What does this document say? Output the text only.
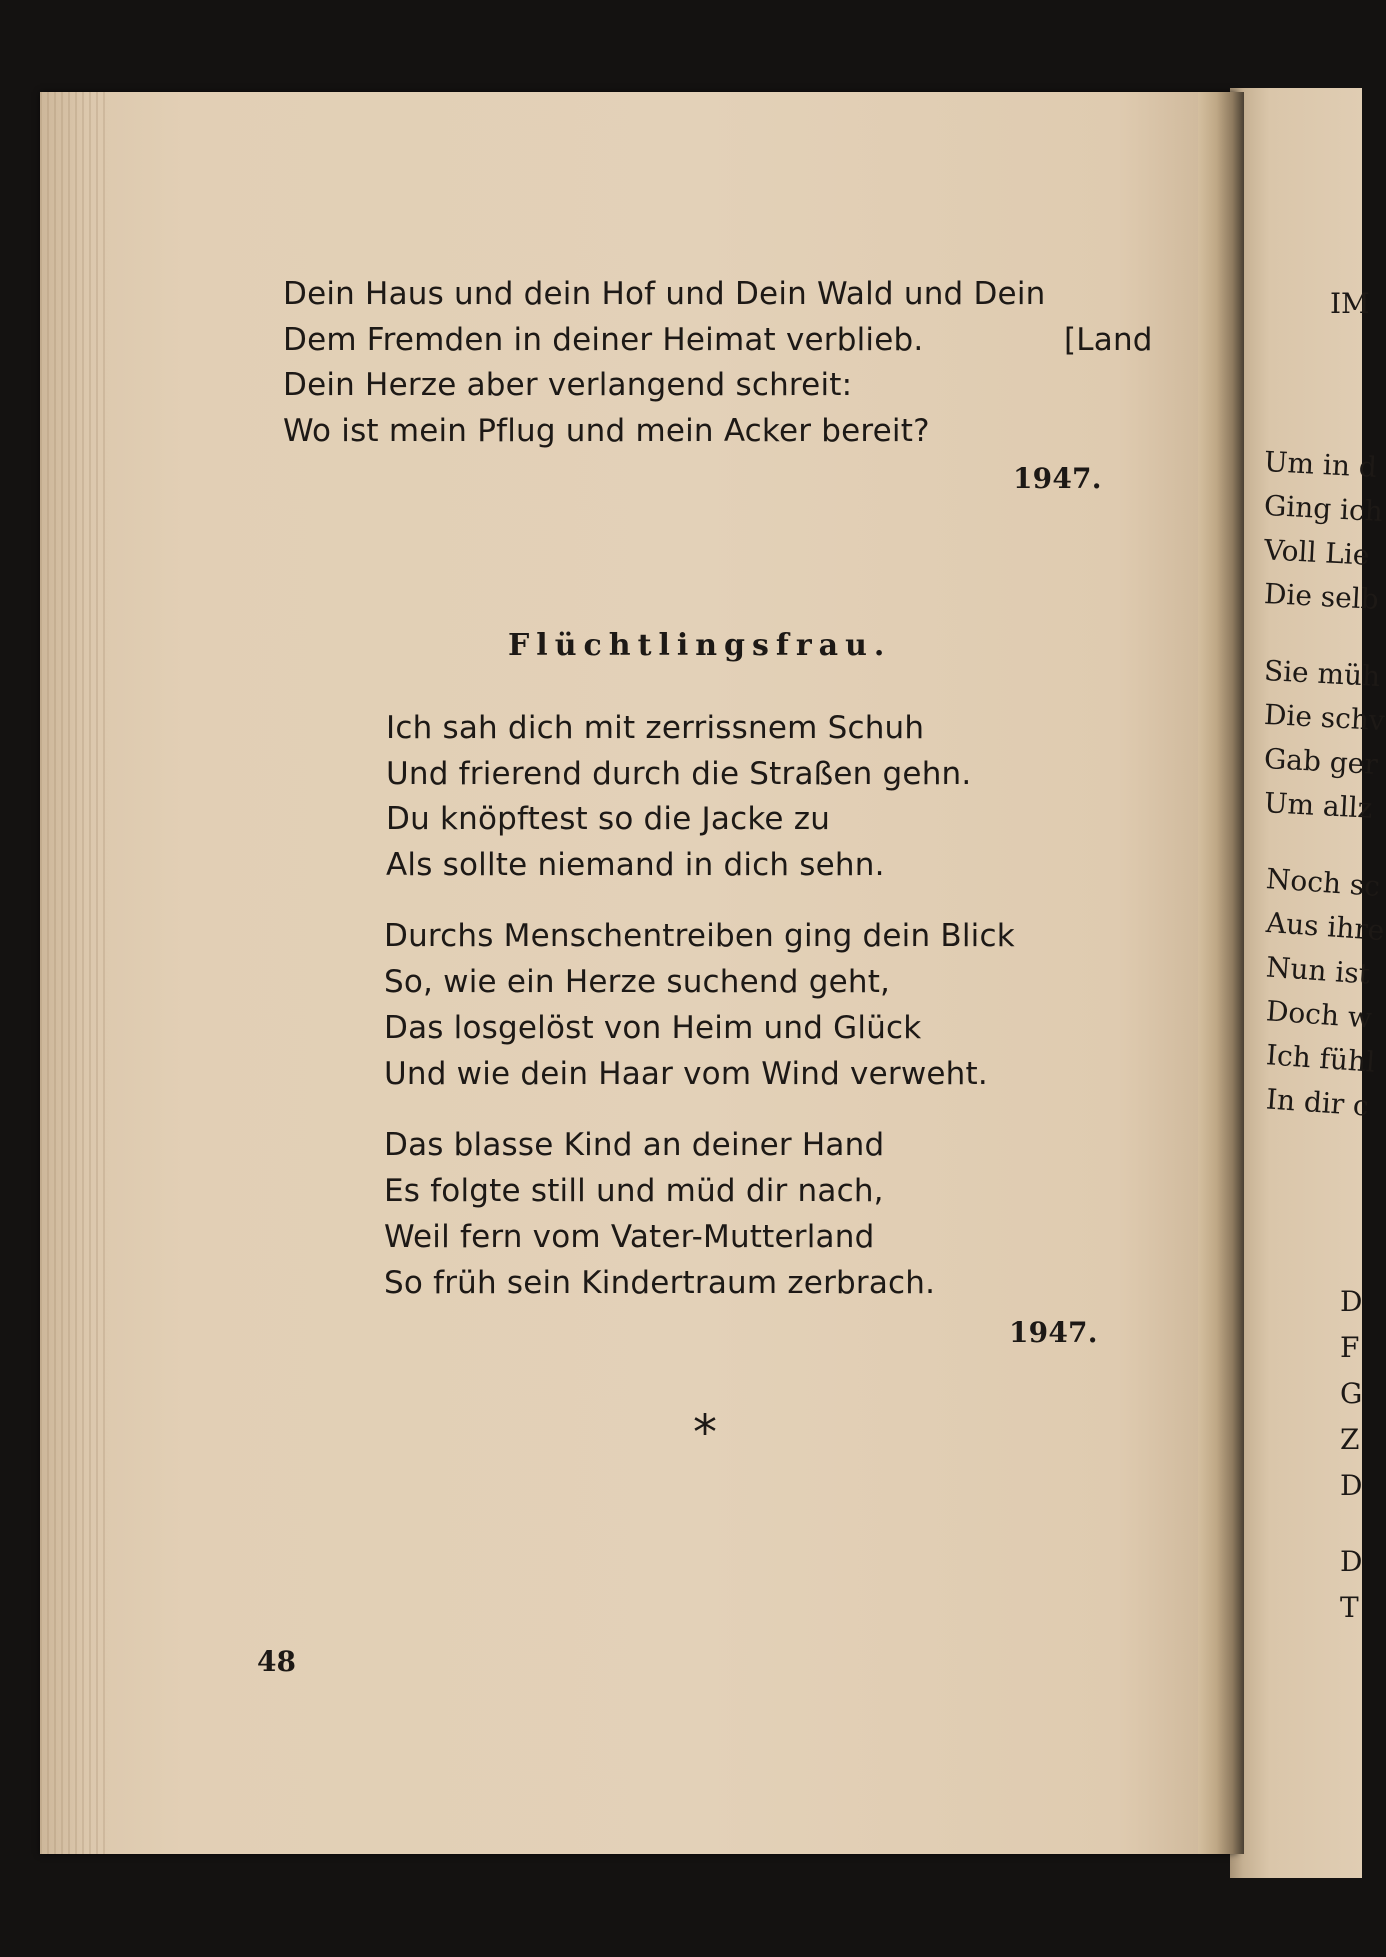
Dein Haus und dein Hof und Dein Wald und Dein
Dem Fremden in deiner Heimat verblieb.	[Land
Dein Herze aber verlangend schreit:
Wo ist mein Pflug und mein Acker bereit?
1947.
Flüchtlingsfrau.
Ich sah dich mit zerrissnem Schuh
Und frierend durch die Straßen gehn.
Du knöpftest so die Jacke zu
Als sollte niemand in dich sehn.
Durchs Menschentreiben ging dein Blick
So, wie ein Herze suchend geht,
Das losgelöst von Heim und Glück
Und wie dein Haar vom Wind verweht.
Das blasse Kind an deiner Hand
Es folgte still und müd dir nach,
Weil fern vom Vater-Mutterland
So früh sein Kindertraum zerbrach.
1947.
*
48
IM
Um in d
Ging ich
Voll Lie
Die selb
Sie müh
Die schv
Gab ger
Um allz
Noch sc
Aus ihre
Nun ist
Doch w
Ich fühl
In dir c
D
F
G
Z
D
D
T
